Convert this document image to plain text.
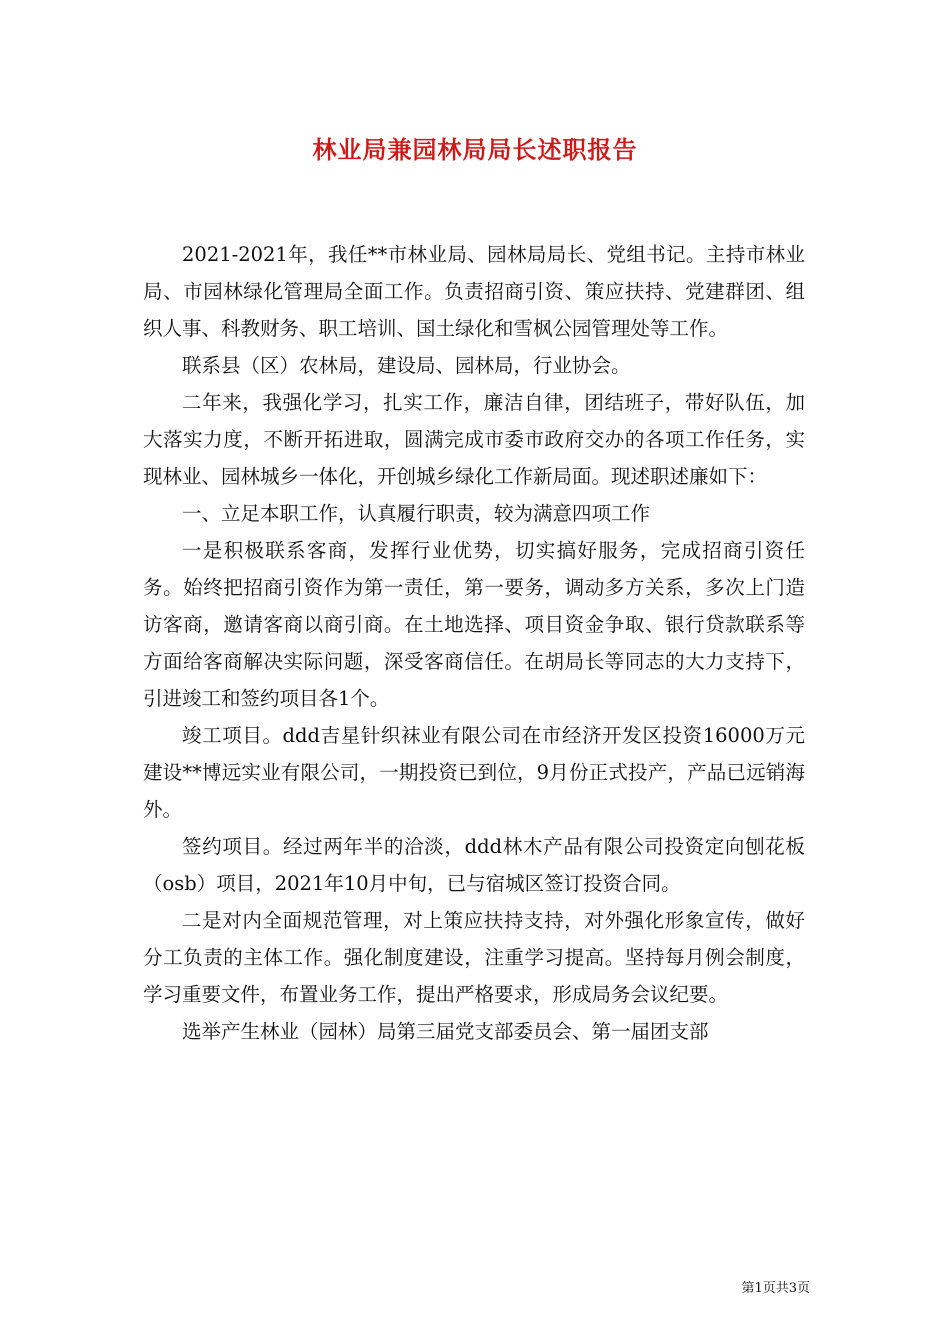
林业局兼园林局局长述职报告

2021-2021年，我任**市林业局、园林局局长、党组书记。主持市林业局、市园林绿化管理局全面工作。负责招商引资、策应扶持、党建群团、组织人事、科教财务、职工培训、国土绿化和雪枫公园管理处等工作。

联系县（区）农林局，建设局、园林局，行业协会。

二年来，我强化学习，扎实工作，廉洁自律，团结班子，带好队伍，加大落实力度，不断开拓进取，圆满完成市委市政府交办的各项工作任务，实现林业、园林城乡一体化，开创城乡绿化工作新局面。现述职述廉如下：

一、立足本职工作，认真履行职责，较为满意四项工作

一是积极联系客商，发挥行业优势，切实搞好服务，完成招商引资任务。始终把招商引资作为第一责任，第一要务，调动多方关系，多次上门造访客商，邀请客商以商引商。在土地选择、项目资金争取、银行贷款联系等方面给客商解决实际问题，深受客商信任。在胡局长等同志的大力支持下，引进竣工和签约项目各1个。

竣工项目。ddd吉星针织袜业有限公司在市经济开发区投资16000万元建设**博远实业有限公司，一期投资已到位，9月份正式投产，产品已远销海外。

签约项目。经过两年半的洽淡，ddd林木产品有限公司投资定向刨花板（osb）项目，2021年10月中旬，已与宿城区签订投资合同。

二是对内全面规范管理，对上策应扶持支持，对外强化形象宣传，做好分工负责的主体工作。强化制度建设，注重学习提高。坚持每月例会制度，学习重要文件，布置业务工作，提出严格要求，形成局务会议纪要。

选举产生林业（园林）局第三届党支部委员会、第一届团支部

第1页共3页
